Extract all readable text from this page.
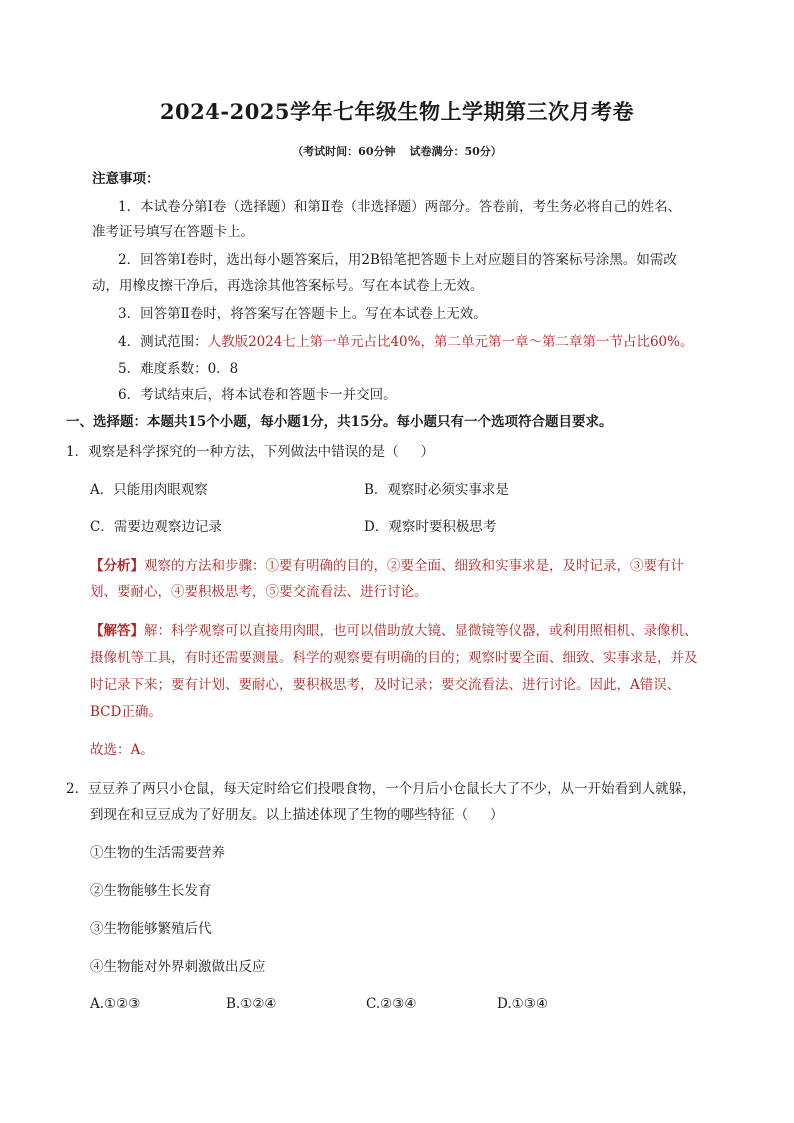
2024-2025学年七年级生物上学期第三次月考卷
（考试时间：60分钟 试卷满分：50分）
注意事项：
1．本试卷分第Ⅰ卷（选择题）和第Ⅱ卷（非选择题）两部分。答卷前，考生务必将自己的姓名、
准考证号填写在答题卡上。
2．回答第Ⅰ卷时，选出每小题答案后，用2B铅笔把答题卡上对应题目的答案标号涂黑。如需改
动，用橡皮擦干净后，再选涂其他答案标号。写在本试卷上无效。
3．回答第Ⅱ卷时，将答案写在答题卡上。写在本试卷上无效。
4．测试范围：人教版2024七上第一单元占比40%，第二单元第一章～第二章第一节占比60%。
5．难度系数：0．8
6．考试结束后，将本试卷和答题卡一并交回。
一、选择题：本题共15个小题，每小题1分，共15分。每小题只有一个选项符合题目要求。
1．观察是科学探究的一种方法，下列做法中错误的是（ ）
A．只能用肉眼观察	B．观察时必须实事求是
C．需要边观察边记录	D．观察时要积极思考
【分析】观察的方法和步骤：①要有明确的目的，②要全面、细致和实事求是，及时记录，③要有计
划、要耐心，④要积极思考，⑤要交流看法、进行讨论。
【解答】解：科学观察可以直接用肉眼，也可以借助放大镜、显微镜等仪器，或利用照相机、录像机、
摄像机等工具，有时还需要测量。科学的观察要有明确的目的；观察时要全面、细致、实事求是，并及
时记录下来；要有计划、要耐心，要积极思考，及时记录；要交流看法、进行讨论。因此，A错误、
BCD正确。
故选：A。
2．豆豆养了两只小仓鼠，每天定时给它们投喂食物，一个月后小仓鼠长大了不少，从一开始看到人就躲，
到现在和豆豆成为了好朋友。以上描述体现了生物的哪些特征（ ）
①生物的生活需要营养
②生物能够生长发育
③生物能够繁殖后代
④生物能对外界刺激做出反应
A.①②③	B.①②④	C.②③④	D.①③④
